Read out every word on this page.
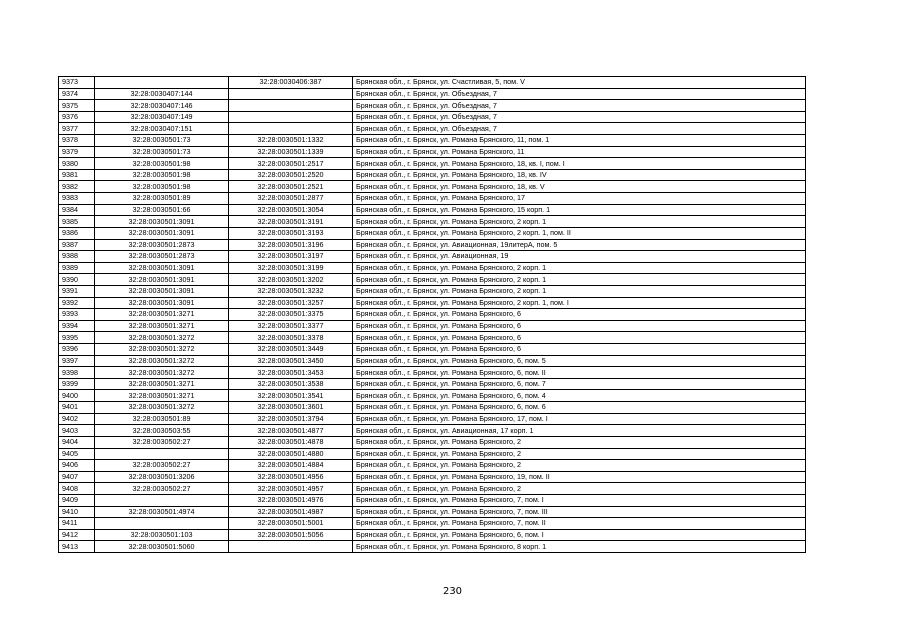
9373		32:28:0030406:387	Брянская обл., г. Брянск, ул. Счастливая, 5, пом. V
9374	32:28:0030407:144		Брянская обл., г. Брянск, ул. Объездная, 7
9375	32:28:0030407:146		Брянская обл., г. Брянск, ул. Объездная, 7
9376	32:28:0030407:149		Брянская обл., г. Брянск, ул. Объездная, 7
9377	32:28:0030407:151		Брянская обл., г. Брянск, ул. Объездная, 7
9378	32:28:0030501:73	32:28:0030501:1332	Брянская обл., г. Брянск, ул. Романа Брянского, 11, пом. 1
9379	32:28:0030501:73	32:28:0030501:1339	Брянская обл., г. Брянск, ул. Романа Брянского, 11
9380	32:28:0030501:98	32:28:0030501:2517	Брянская обл., г. Брянск, ул. Романа Брянского, 18, кв. I, пом. I
9381	32:28:0030501:98	32:28:0030501:2520	Брянская обл., г. Брянск, ул. Романа Брянского, 18, кв. IV
9382	32:28:0030501:98	32:28:0030501:2521	Брянская обл., г. Брянск, ул. Романа Брянского, 18, кв. V
9383	32:28:0030501:89	32:28:0030501:2877	Брянская обл., г. Брянск, ул. Романа Брянского, 17
9384	32:28:0030501:66	32:28:0030501:3054	Брянская обл., г. Брянск, ул. Романа Брянского, 15 корп. 1
9385	32:28:0030501:3091	32:28:0030501:3191	Брянская обл., г. Брянск, ул. Романа Брянского, 2 корп. 1
9386	32:28:0030501:3091	32:28:0030501:3193	Брянская обл., г. Брянск, ул. Романа Брянского, 2 корп. 1, пом. II
9387	32:28:0030501:2873	32:28:0030501:3196	Брянская обл., г. Брянск, ул. Авиационная, 19литерА, пом. 5
9388	32:28:0030501:2873	32:28:0030501:3197	Брянская обл., г. Брянск, ул. Авиационная, 19
9389	32:28:0030501:3091	32:28:0030501:3199	Брянская обл., г. Брянск, ул. Романа Брянского, 2 корп. 1
9390	32:28:0030501:3091	32:28:0030501:3202	Брянская обл., г. Брянск, ул. Романа Брянского, 2 корп. 1
9391	32:28:0030501:3091	32:28:0030501:3232	Брянская обл., г. Брянск, ул. Романа Брянского, 2 корп. 1
9392	32:28:0030501:3091	32:28:0030501:3257	Брянская обл., г. Брянск, ул. Романа Брянского, 2 корп. 1, пом. I
9393	32:28:0030501:3271	32:28:0030501:3375	Брянская обл., г. Брянск, ул. Романа Брянского, 6
9394	32:28:0030501:3271	32:28:0030501:3377	Брянская обл., г. Брянск, ул. Романа Брянского, 6
9395	32:28:0030501:3272	32:28:0030501:3378	Брянская обл., г. Брянск, ул. Романа Брянского, 6
9396	32:28:0030501:3272	32:28:0030501:3449	Брянская обл., г. Брянск, ул. Романа Брянского, 6
9397	32:28:0030501:3272	32:28:0030501:3450	Брянская обл., г. Брянск, ул. Романа Брянского, 6, пом. 5
9398	32:28:0030501:3272	32:28:0030501:3453	Брянская обл., г. Брянск, ул. Романа Брянского, 6, пом. II
9399	32:28:0030501:3271	32:28:0030501:3538	Брянская обл., г. Брянск, ул. Романа Брянского, 6, пом. 7
9400	32:28:0030501:3271	32:28:0030501:3541	Брянская обл., г. Брянск, ул. Романа Брянского, 6, пом. 4
9401	32:28:0030501:3272	32:28:0030501:3601	Брянская обл., г. Брянск, ул. Романа Брянского, 6, пом. 6
9402	32:28:0030501:89	32:28:0030501:3794	Брянская обл., г. Брянск, ул. Романа Брянского, 17, пом. I
9403	32:28:0030503:55	32:28:0030501:4877	Брянская обл., г. Брянск, ул. Авиационная, 17 корп. 1
9404	32:28:0030502:27	32:28:0030501:4878	Брянская обл., г. Брянск, ул. Романа Брянского, 2
9405		32:28:0030501:4880	Брянская обл., г. Брянск, ул. Романа Брянского, 2
9406	32:28:0030502:27	32:28:0030501:4884	Брянская обл., г. Брянск, ул. Романа Брянского, 2
9407	32:28:0030501:3206	32:28:0030501:4956	Брянская обл., г. Брянск, ул. Романа Брянского, 19, пом. II
9408	32:28:0030502:27	32:28:0030501:4957	Брянская обл., г. Брянск, ул. Романа Брянского, 2
9409		32:28:0030501:4976	Брянская обл., г. Брянск, ул. Романа Брянского, 7, пом. I
9410	32:28:0030501:4974	32:28:0030501:4987	Брянская обл., г. Брянск, ул. Романа Брянского, 7, пом. III
9411		32:28:0030501:5001	Брянская обл., г. Брянск, ул. Романа Брянского, 7, пом. II
9412	32:28:0030501:103	32:28:0030501:5056	Брянская обл., г. Брянск, ул. Романа Брянского, 6, пом. I
9413	32:28:0030501:5060		Брянская обл., г. Брянск, ул. Романа Брянского, 8 корп. 1
230
